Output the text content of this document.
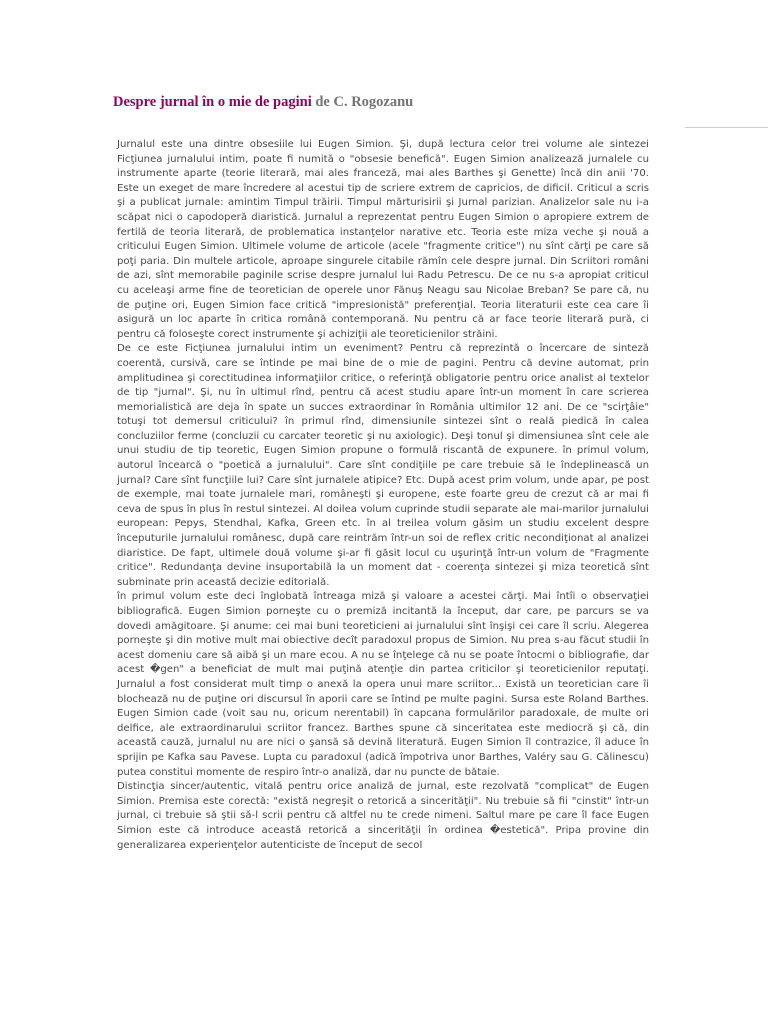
Despre jurnal în o mie de pagini de C. Rogozanu

Jurnalul este una dintre obsesiile lui Eugen Simion. Şi, după lectura celor trei volume ale sintezei Ficţiunea jurnalului intim, poate fi numită o "obsesie benefică". Eugen Simion analizează jurnalele cu instrumente aparte (teorie literară, mai ales franceză, mai ales Barthes şi Genette) încă din anii '70. Este un exeget de mare încredere al acestui tip de scriere extrem de capricios, de dificil. Criticul a scris şi a publicat jurnale: amintim Timpul trăirii. Timpul mărturisirii şi Jurnal parizian. Analizelor sale nu i-a scăpat nici o capodoperă diaristică. Jurnalul a reprezentat pentru Eugen Simion o apropiere extrem de fertilă de teoria literară, de problematica instanţelor narative etc. Teoria este miza veche şi nouă a criticului Eugen Simion. Ultimele volume de articole (acele "fragmente critice") nu sînt cărţi pe care să poţi paria. Din multele articole, aproape singurele citabile rămîn cele despre jurnal. Din Scriitori români de azi, sînt memorabile paginile scrise despre jurnalul lui Radu Petrescu. De ce nu s-a apropiat criticul cu aceleaşi arme fine de teoretician de operele unor Fănuş Neagu sau Nicolae Breban? Se pare că, nu de puţine ori, Eugen Simion face critică "impresionistă" preferenţial. Teoria literaturii este cea care îi asigură un loc aparte în critica română contemporană. Nu pentru că ar face teorie literară pură, ci pentru că foloseşte corect instrumente şi achiziţii ale teoreticienilor străini.

De ce este Ficţiunea jurnalului intim un eveniment? Pentru că reprezintă o încercare de sinteză coerentă, cursivă, care se întinde pe mai bine de o mie de pagini. Pentru că devine automat, prin amplitudinea şi corectitudinea informaţiilor critice, o referinţă obligatorie pentru orice analist al textelor de tip "jurnal". Şi, nu în ultimul rînd, pentru că acest studiu apare într-un moment în care scrierea memorialistică are deja în spate un succes extraordinar în România ultimilor 12 ani. De ce "scirţâie" totuşi tot demersul criticului? în primul rînd, dimensiunile sintezei sînt o reală piedică în calea concluziilor ferme (concluzii cu carcater teoretic şi nu axiologic). Deşi tonul şi dimensiunea sînt cele ale unui studiu de tip teoretic, Eugen Simion propune o formulă riscantă de expunere. în primul volum, autorul încearcă o "poetică a jurnalului". Care sînt condiţiile pe care trebuie să le îndeplinească un jurnal? Care sînt funcţiile lui? Care sînt jurnalele atipice? Etc. După acest prim volum, unde apar, pe post de exemple, mai toate jurnalele mari, româneşti şi europene, este foarte greu de crezut că ar mai fi ceva de spus în plus în restul sintezei. Al doilea volum cuprinde studii separate ale mai-marilor jurnalului european: Pepys, Stendhal, Kafka, Green etc. în al treilea volum găsim un studiu excelent despre începuturile jurnalului românesc, după care reintrăm într-un soi de reflex critic necondiţionat al analizei diaristice. De fapt, ultimele două volume şi-ar fi găsit locul cu uşurinţă într-un volum de "Fragmente critice". Redundanţa devine insuportabilă la un moment dat - coerenţa sintezei şi miza teoretică sînt subminate prin această decizie editorială.

în primul volum este deci înglobată întreaga miză şi valoare a acestei cărţi. Mai întîi o observaţiei bibliografică. Eugen Simion porneşte cu o premiză incitantă la început, dar care, pe parcurs se va dovedi amăgitoare. Şi anume: cei mai buni teoreticieni ai jurnalului sînt înşişi cei care îl scriu. Alegerea porneşte şi din motive mult mai obiective decît paradoxul propus de Simion. Nu prea s-au făcut studii în acest domeniu care să aibă şi un mare ecou. A nu se înţelege că nu se poate întocmi o bibliografie, dar acest �gen" a beneficiat de mult mai puţină atenţie din partea criticilor şi teoreticienilor reputaţi. Jurnalul a fost considerat mult timp o anexă la opera unui mare scriitor... Există un teoretician care îi blochează nu de puţine ori discursul în aporii care se întind pe multe pagini. Sursa este Roland Barthes. Eugen Simion cade (voit sau nu, oricum nerentabil) în capcana formulărilor paradoxale, de multe ori delfice, ale extraordinarului scriitor francez. Barthes spune că sinceritatea este mediocră şi că, din această cauză, jurnalul nu are nici o şansă să devină literatură. Eugen Simion îl contrazice, îl aduce în sprijin pe Kafka sau Pavese. Lupta cu paradoxul (adică împotriva unor Barthes, Valéry sau G. Călinescu) putea constitui momente de respiro într-o analiză, dar nu puncte de bătaie.

Distincţia sincer/autentic, vitală pentru orice analiză de jurnal, este rezolvată "complicat" de Eugen Simion. Premisa este corectă: "există negreşit o retorică a sincerităţii". Nu trebuie să fii "cinstit" într-un jurnal, ci trebuie să ştii să-l scrii pentru că altfel nu te crede nimeni. Saltul mare pe care îl face Eugen Simion este că introduce această retorică a sincerităţii în ordinea �estetică". Pripa provine din generalizarea experienţelor autenticiste de început de secol
